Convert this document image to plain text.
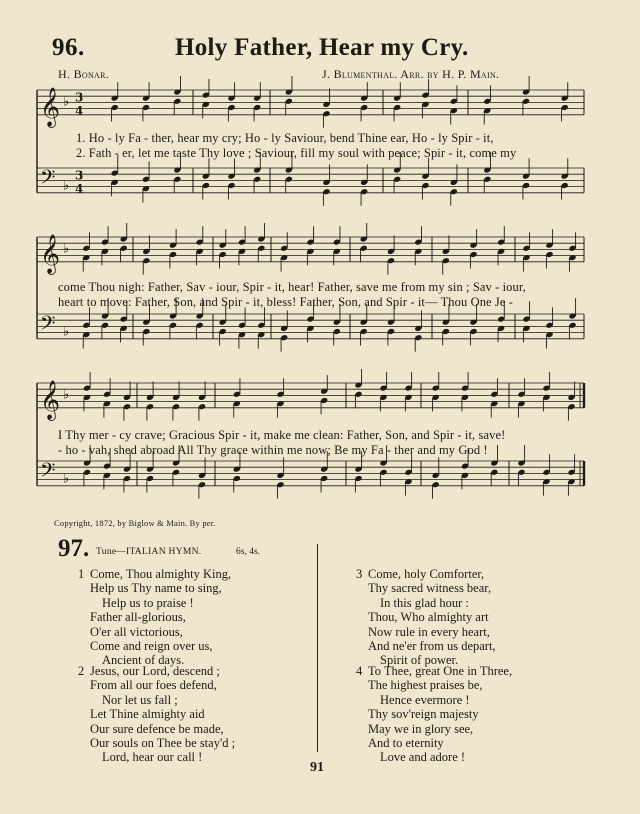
96.	Holy Father, Hear my Cry.
H. Bonar.	J. Blumenthal. Arr. by H. P. Main.
𝄞 ♭ 3
4
𝄢 ♭
3
4
𝄞 ♭
𝄢 ♭
𝄞 ♭
𝄢 ♭
1. Ho - ly Fa - ther, hear my cry; Ho - ly Saviour, bend Thine ear, Ho - ly Spir - it,
2. Fath - er, let me taste Thy love ; Saviour, fill my soul with peace; Spir - it, come my
come Thou nigh: Father, Sav - iour, Spir - it, hear! Father, save me from my sin ; Sav - iour,
heart to move: Father, Son, and Spir - it, bless! Father, Son, and Spir - it— Thou One Je -
I Thy mer - cy crave; Gracious Spir - it, make me clean: Father, Son, and Spir - it, save!
- ho - vah, shed abroad All Thy grace within me now; Be my Fa - ther and my God !
Copyright, 1872, by Biglow & Main. By per.
97. Tune— ITALIAN HYMN.	6s, 4s.
1 Come, Thou almighty King,
Help us Thy name to sing,
Help us to praise !
Father all-glorious,
O'er all victorious,
Come and reign over us,
Ancient of days.
2 Jesus, our Lord, descend ;
From all our foes defend,
Nor let us fall ;
Let Thine almighty aid
Our sure defence be made,
Our souls on Thee be stay'd ;
Lord, hear our call !
3 Come, holy Comforter,
Thy sacred witness bear,
In this glad hour :
Thou, Who almighty art
Now rule in every heart,
And ne'er from us depart,
Spirit of power.
4 To Thee, great One in Three,
The highest praises be,
Hence evermore !
Thy sov'reign majesty
May we in glory see,
And to eternity
Love and adore !
91
